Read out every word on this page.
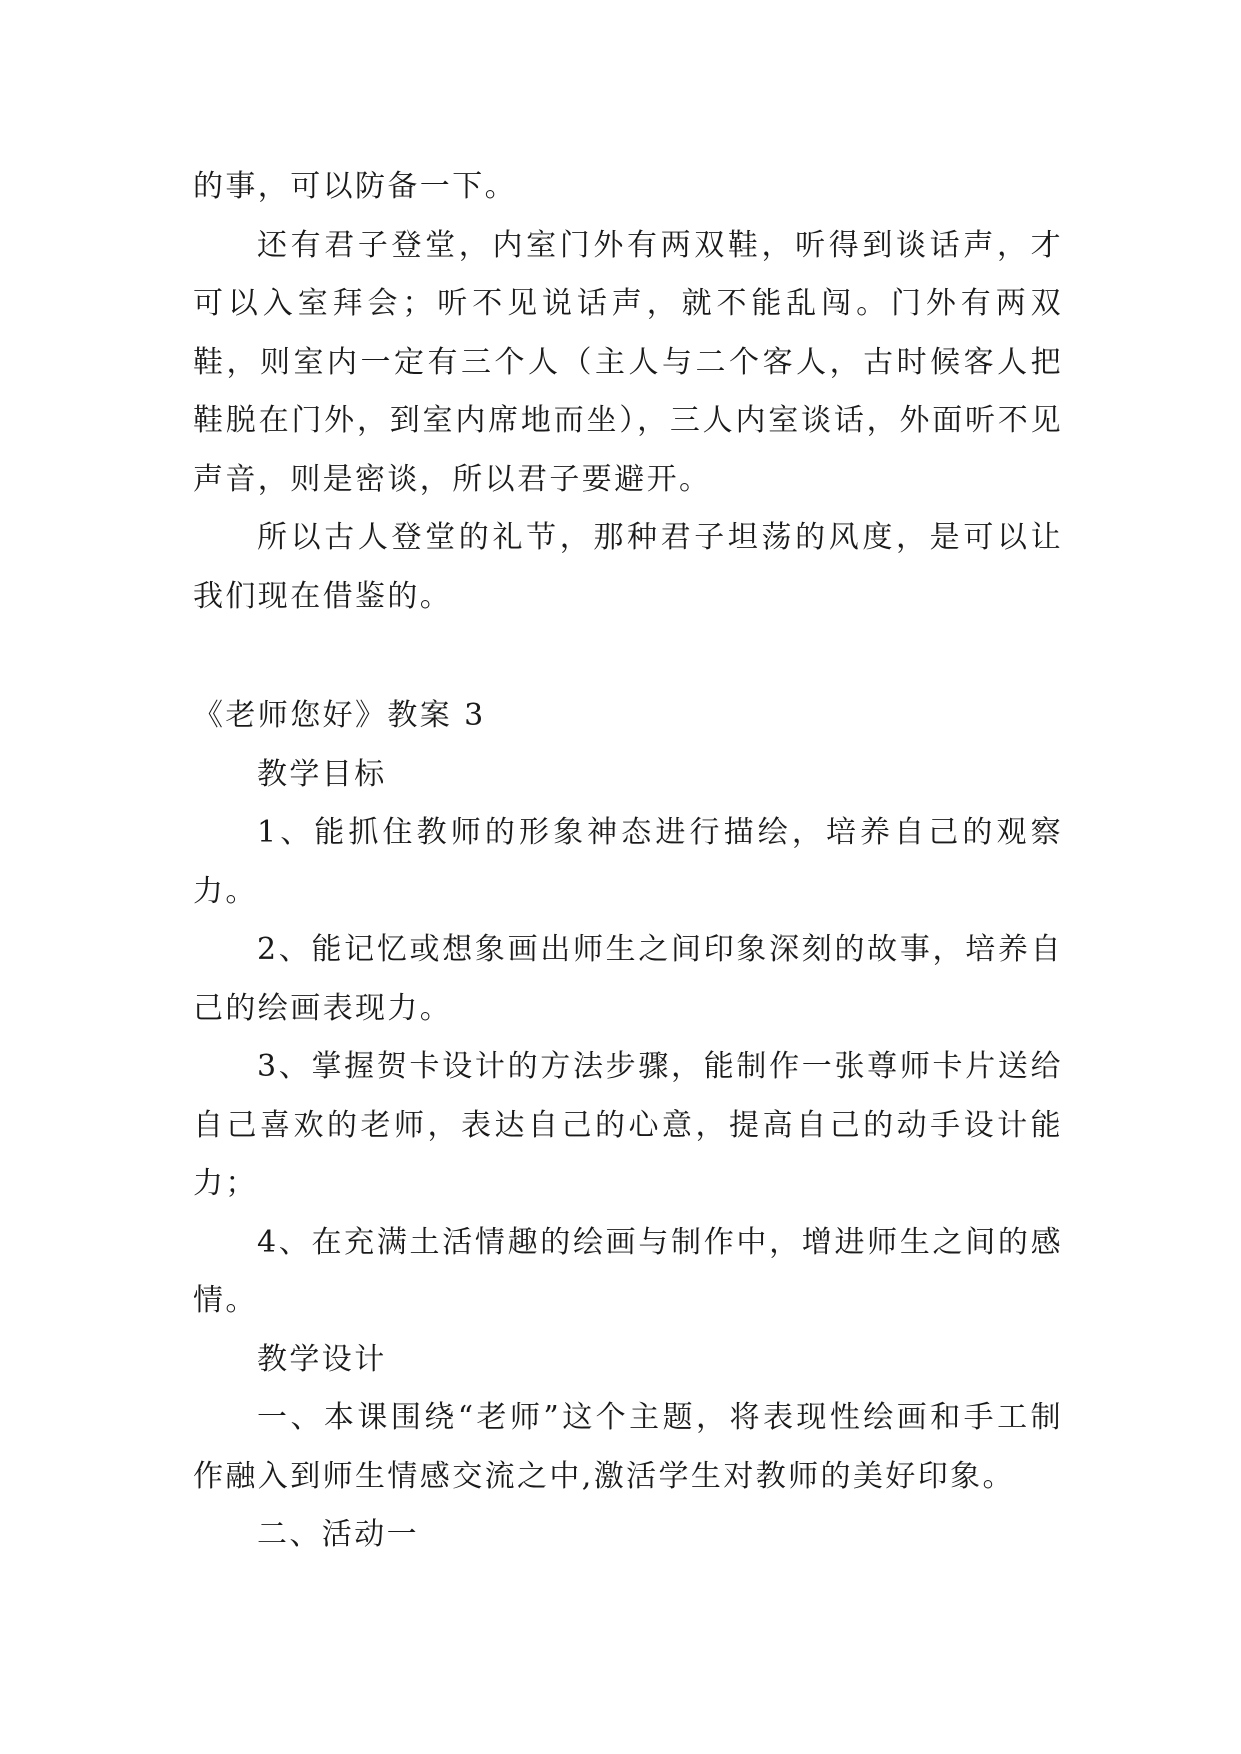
的事，可以防备一下。

还有君子登堂，内室门外有两双鞋，听得到谈话声，才可以入室拜会；听不见说话声，就不能乱闯。门外有两双鞋，则室内一定有三个人（主人与二个客人，古时候客人把鞋脱在门外，到室内席地而坐），三人内室谈话，外面听不见声音，则是密谈，所以君子要避开。

所以古人登堂的礼节，那种君子坦荡的风度，是可以让我们现在借鉴的。

《老师您好》教案 3

教学目标

1、能抓住教师的形象神态进行描绘，培养自己的观察力。

2、能记忆或想象画出师生之间印象深刻的故事，培养自己的绘画表现力。

3、掌握贺卡设计的方法步骤，能制作一张尊师卡片送给自己喜欢的老师，表达自己的心意，提高自己的动手设计能力；

4、在充满土活情趣的绘画与制作中，增进师生之间的感情。

教学设计

一、本课围绕“老师”这个主题，将表现性绘画和手工制作融入到师生情感交流之中,激活学生对教师的美好印象。

二、活动一
